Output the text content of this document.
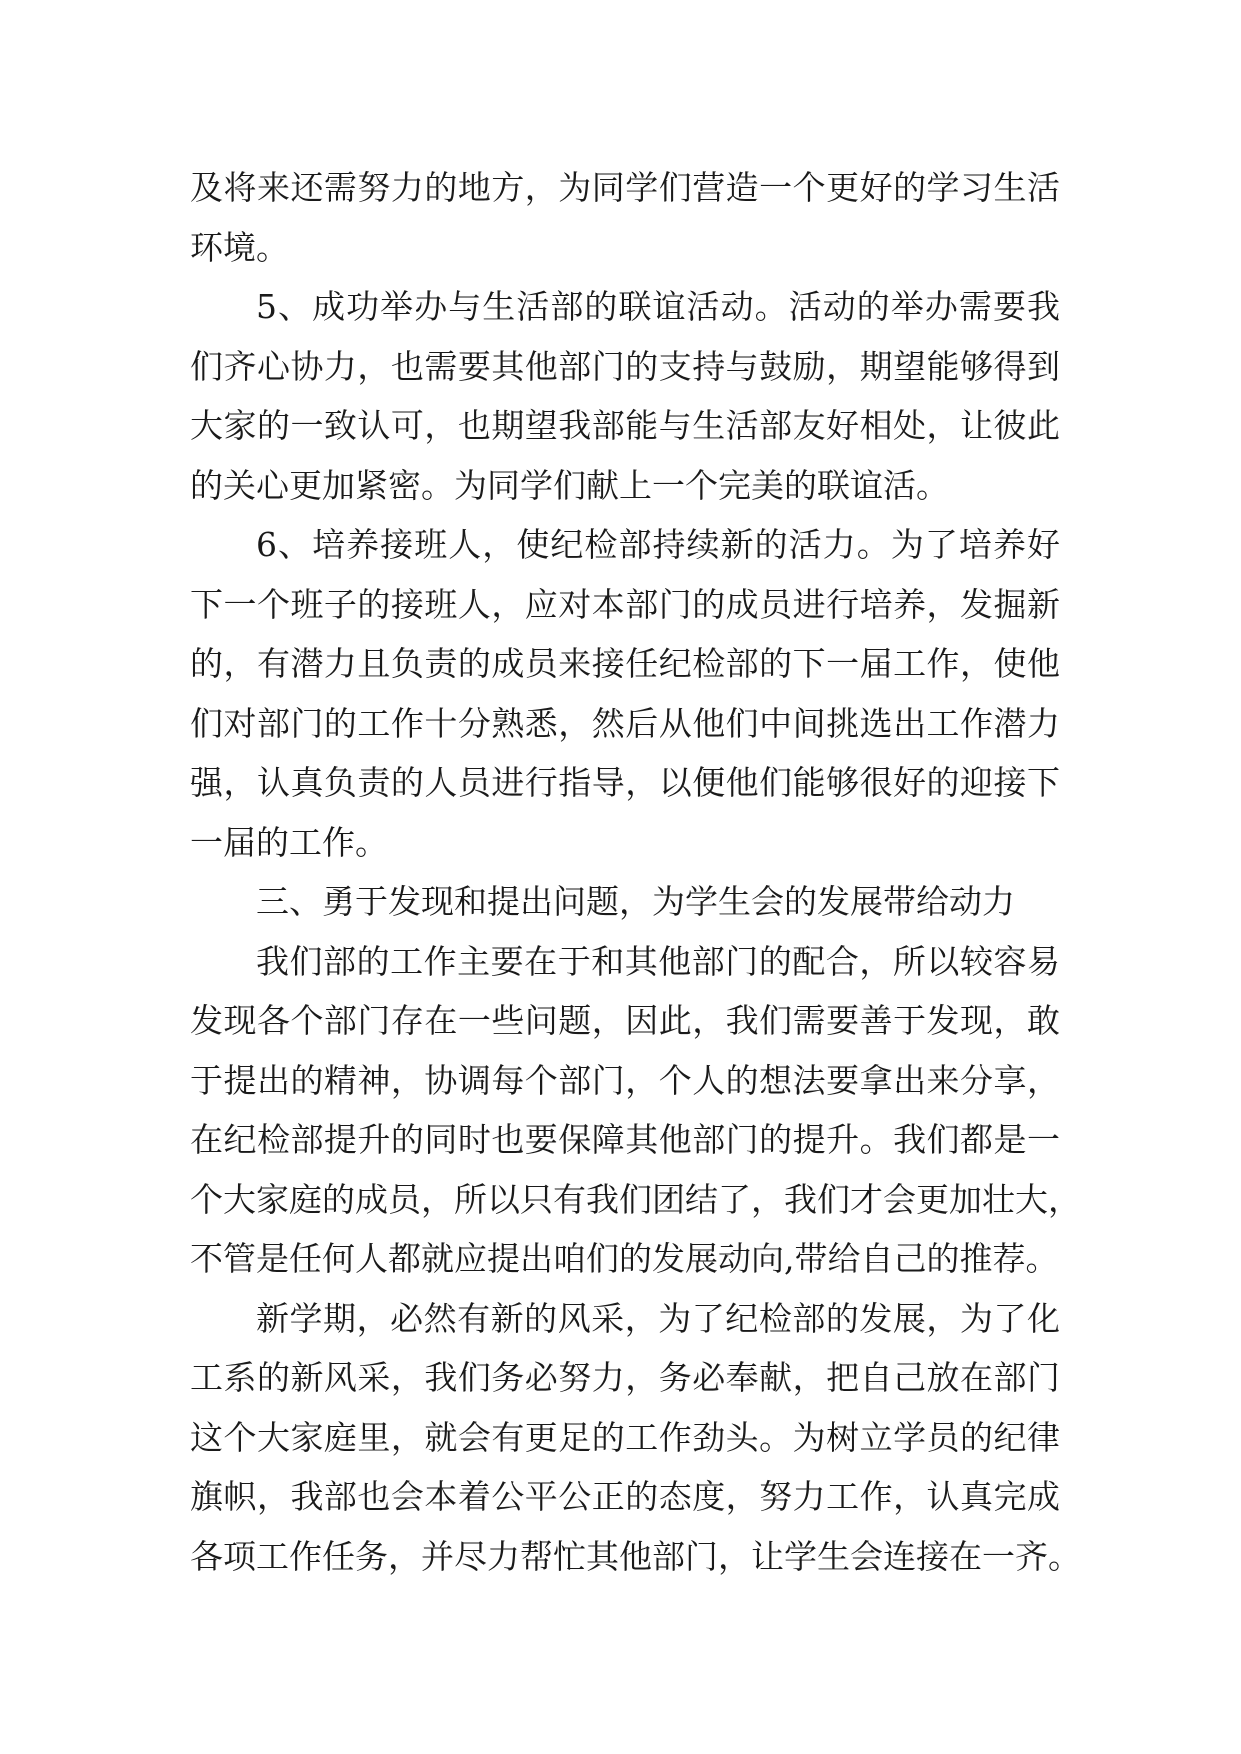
及将来还需努力的地方，为同学们营造一个更好的学习生活
环境。
5、成功举办与生活部的联谊活动。活动的举办需要我
们齐心协力，也需要其他部门的支持与鼓励，期望能够得到
大家的一致认可，也期望我部能与生活部友好相处，让彼此
的关心更加紧密。为同学们献上一个完美的联谊活。
6、培养接班人，使纪检部持续新的活力。为了培养好
下一个班子的接班人，应对本部门的成员进行培养，发掘新
的，有潜力且负责的成员来接任纪检部的下一届工作，使他
们对部门的工作十分熟悉，然后从他们中间挑选出工作潜力
强，认真负责的人员进行指导，以便他们能够很好的迎接下
一届的工作。
三、勇于发现和提出问题，为学生会的发展带给动力
我们部的工作主要在于和其他部门的配合，所以较容易
发现各个部门存在一些问题，因此，我们需要善于发现，敢
于提出的精神，协调每个部门，个人的想法要拿出来分享，
在纪检部提升的同时也要保障其他部门的提升。我们都是一
个大家庭的成员，所以只有我们团结了，我们才会更加壮大，
不管是任何人都就应提出咱们的发展动向,带给自己的推荐。
新学期，必然有新的风采，为了纪检部的发展，为了化
工系的新风采，我们务必努力，务必奉献，把自己放在部门
这个大家庭里，就会有更足的工作劲头。为树立学员的纪律
旗帜，我部也会本着公平公正的态度，努力工作，认真完成
各项工作任务，并尽力帮忙其他部门，让学生会连接在一齐。
